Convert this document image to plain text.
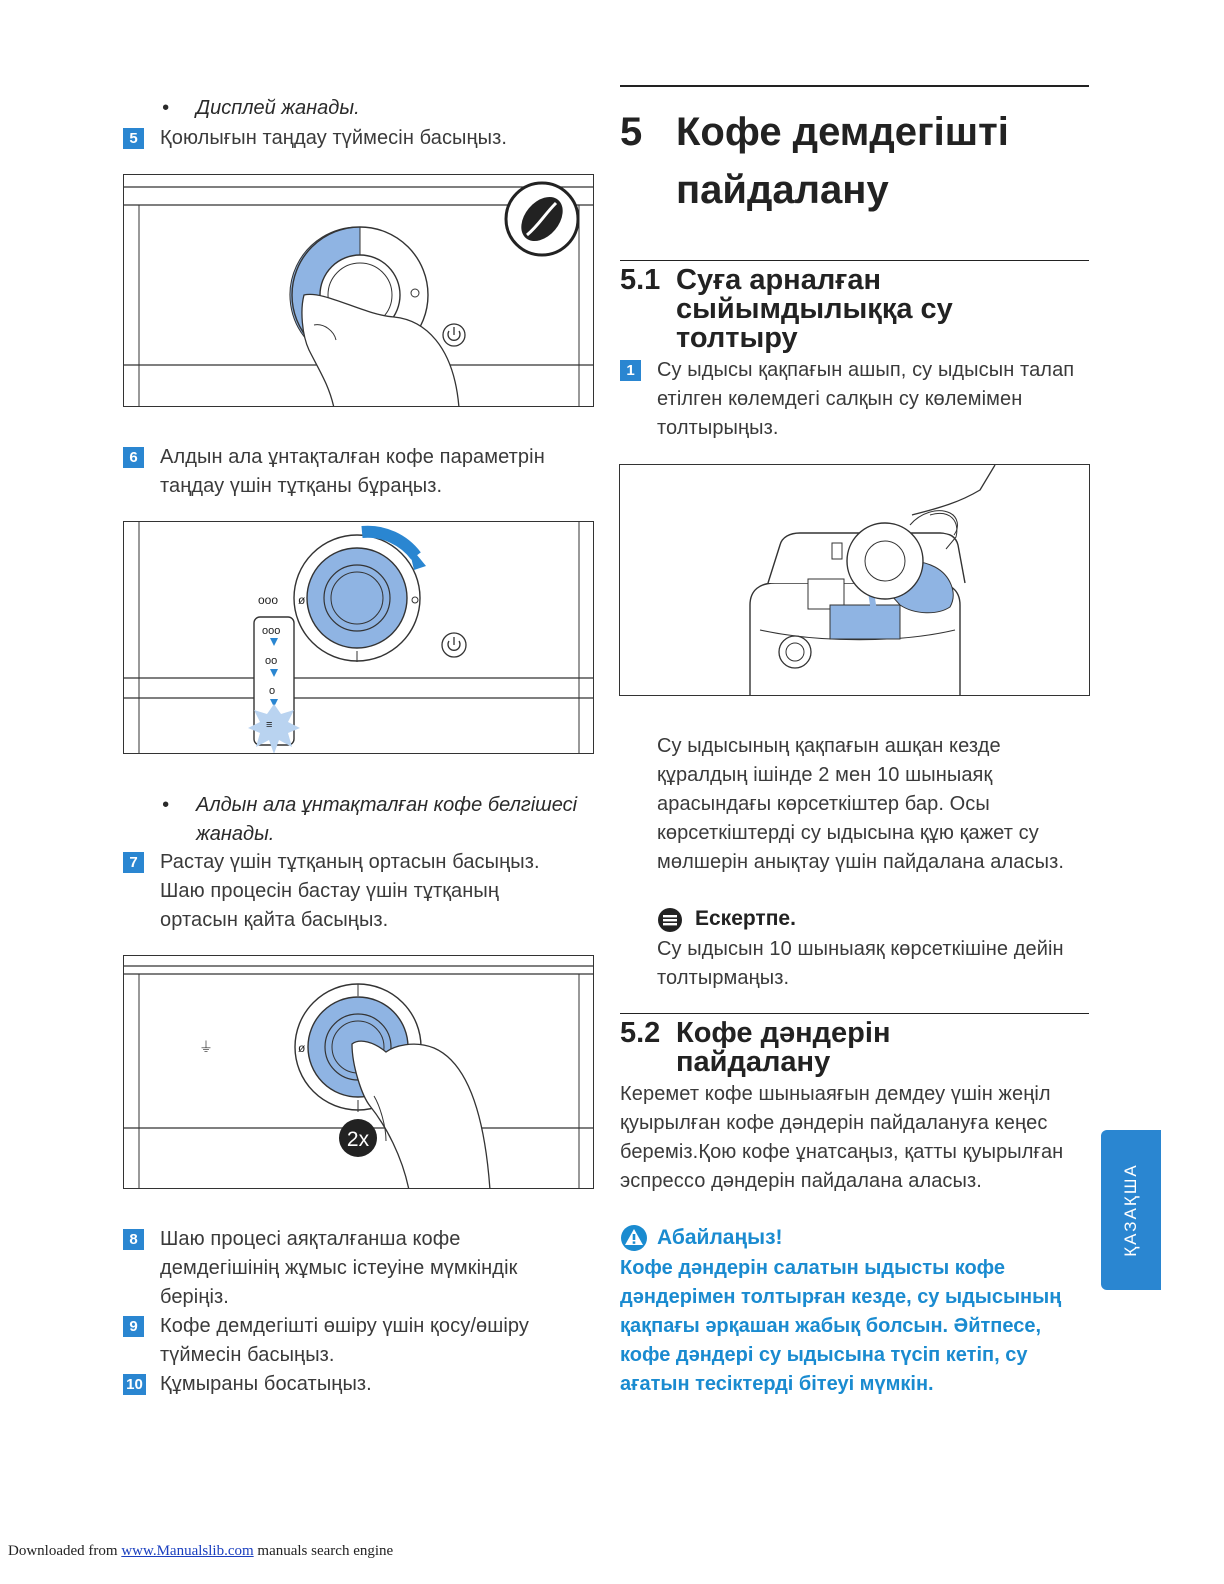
• Дисплей жанады.
5	Қоюлығын таңдау түймесін басыңыз.
6	Алдын ала ұнтақталған кофе параметрін
таңдау үшін тұтқаны бұраңыз.
ooo ø
ooo
oo
o
≡
• Алдын ала ұнтақталған кофе белгішесі
жанады.
7	Растау үшін тұтқаның ортасын басыңыз.
Шаю процесін бастау үшін тұтқаның
ортасын қайта басыңыз.
⏚	ø
2x
8	Шаю процесі аяқталғанша кофе
демдегішінің жұмыс істеуіне мүмкіндік
беріңіз.
9	Кофе демдегішті өшіру үшін қосу/өшіру
түймесін басыңыз.
10 Құмыраны босатыңыз.
5 Кофе демдегішті
пайдалану
5.1 Суға арналған
сыйымдылыққа су
толтыру
1	Су ыдысы қақпағын ашып, су ыдысын талап
етілген көлемдегі салқын су көлемімен
толтырыңыз.
Су ыдысының қақпағын ашқан кезде
құралдың ішінде 2 мен 10 шыныаяқ
арасындағы көрсеткіштер бар. Осы
көрсеткіштерді су ыдысына құю қажет су
мөлшерін анықтау үшін пайдалана аласыз.
Ескертпе.
Су ыдысын 10 шыныаяқ көрсеткішіне дейін
толтырмаңыз.
5.2 Кофе дәндерін
пайдалану
Керемет кофе шыныаяғын демдеу үшін жеңіл
қуырылған кофе дәндерін пайдалануға кеңес
береміз.Қою кофе ұнатсаңыз, қатты қуырылған
эспрессо дәндерін пайдалана аласыз.
Абайлаңыз!
Кофе дәндерін салатын ыдысты кофе
дәндерімен толтырған кезде, су ыдысының
қақпағы әрқашан жабық болсын. Әйтпесе,
кофе дәндері су ыдысына түсіп кетіп, су
ағатын тесіктерді бітеуі мүмкін.
ҚАЗАҚША
Downloaded from www.Manualslib.com manuals search engine
